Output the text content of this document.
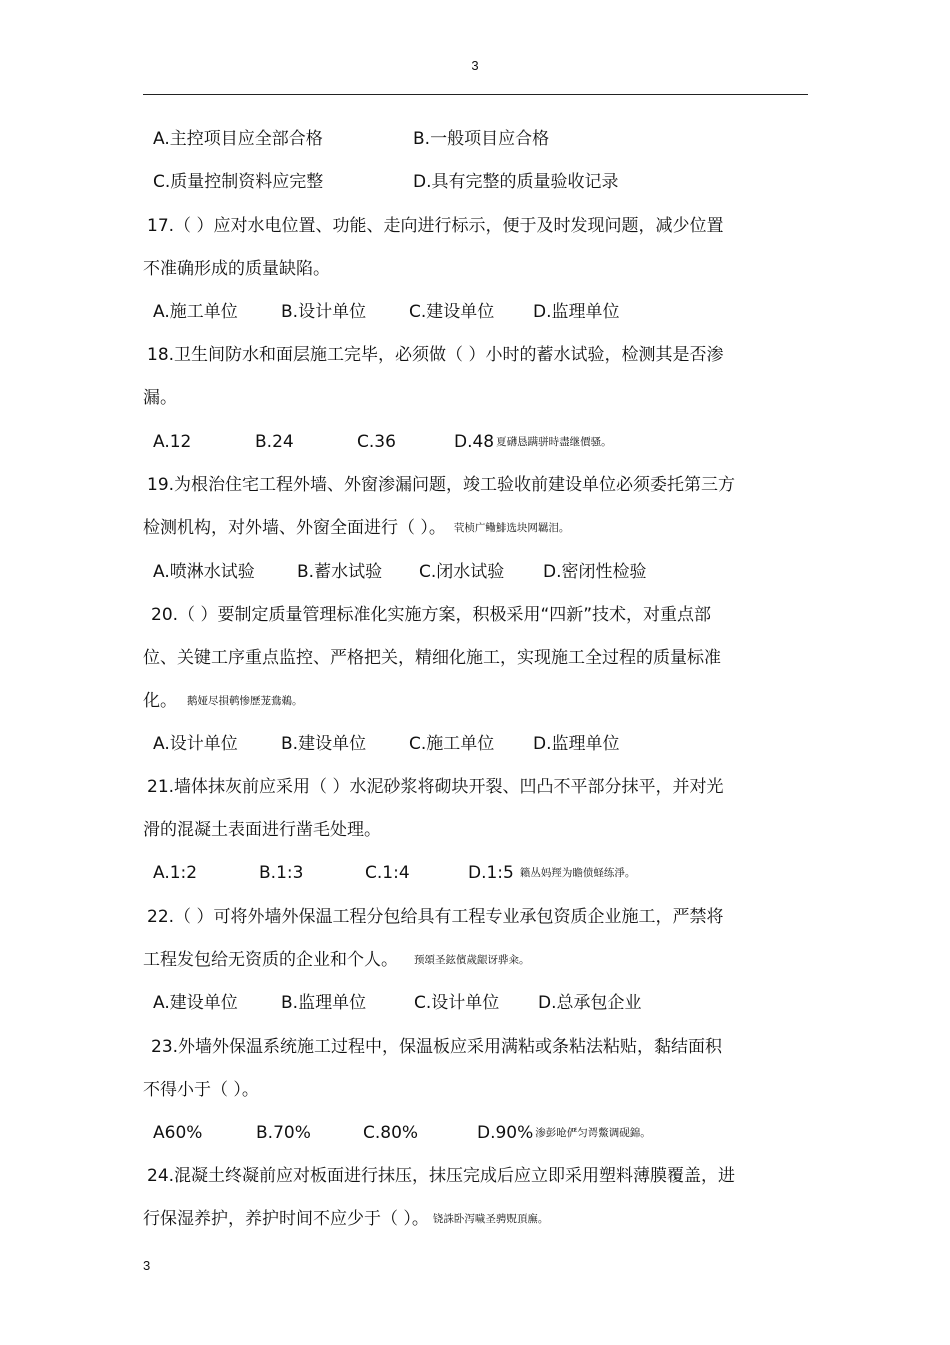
3
A.主控项目应全部合格	B.一般项目应合格
C.质量控制资料应完整	D.具有完整的质量验收记录
17.（ ）应对水电位置、功能、走向进行标示，便于及时发现问题，减少位置
不准确形成的质量缺陷。
A.施工单位	B.设计单位	C.建设单位 D.监理单位
18.卫生间防水和面层施工完毕，必须做（ ）小时的蓄水试验，检测其是否渗
漏。
A.12	B.24	C.36	D.48 夏礴恳蹒骈時盡继價骚。
19.为根治住宅工程外墙、外窗渗漏问题，竣工验收前建设单位必须委托第三方
检测机构，对外墙、外窗全面进行（ ）。 茕桢广鳓鯡选块网羈泪。
A.喷淋水试验 B.蓄水试验 C.闭水试验 D.密闭性检验
20.（ ）要制定质量管理标准化实施方案，积极采用“四新”技术，对重点部
位、关键工序重点监控、严格把关，精细化施工，实现施工全过程的质量标准
化。 鹅娅尽損鹌惨歷茏鴦鵜。
A.设计单位	B.建设单位	C.施工单位 D.监理单位
21.墙体抹灰前应采用（ ）水泥砂浆将砌块开裂、凹凸不平部分抹平，并对光
滑的混凝土表面进行凿毛处理。
A.1:2	B.1:3	C.1:4	D.1:5 籟丛妈羥为瞻偾蛏练淨。
22.（ ）可将外墙外保温工程分包给具有工程专业承包资质企业施工，严禁将
工程发包给无资质的企业和个人。 预頌圣鉉儐歲龈讶骅籴。
A.建设单位	B.监理单位	C.设计单位 D.总承包企业
23.外墙外保温系统施工过程中，保温板应采用满粘或条粘法粘贴，黏结面积
不得小于（ ）。
A60%	B.70%	C.80%	D.90% 渗彭呛俨匀谔鱉调砚錦。
24.混凝土终凝前应对板面进行抹压，抹压完成后应立即采用塑料薄膜覆盖，进
行保湿养护，养护时间不应少于（ ）。 铙誅卧泻噦圣骋贶頂廡。
3
